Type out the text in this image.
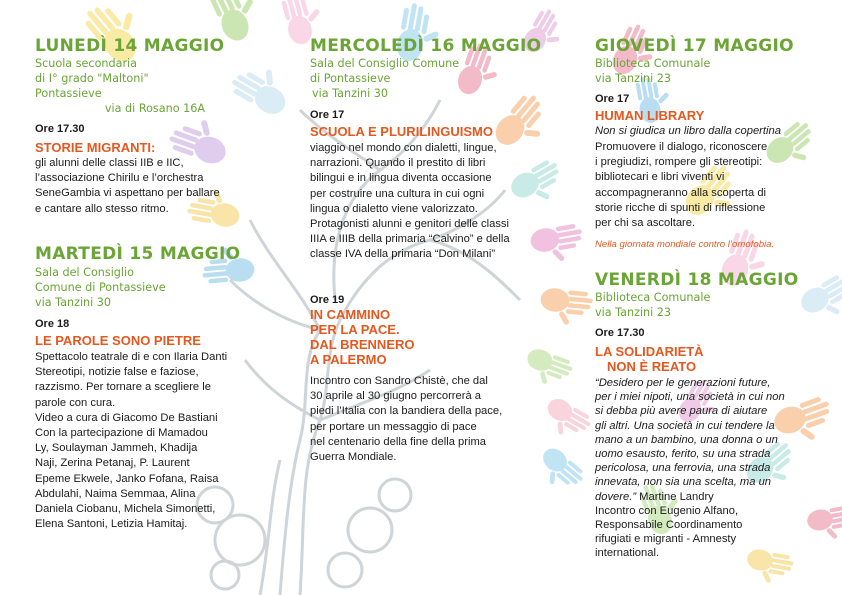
LUNEDÌ 14 MAGGIO
Scuola secondaria
di I° grado "Maltoni"
Pontassieve
via di Rosano 16A
Ore 17.30
STORIE MIGRANTI:
gli alunni delle classi IIB e IIC,
l’associazione Chirilu e l’orchestra
SeneGambia vi aspettano per ballare
e cantare allo stesso ritmo.
MARTEDÌ 15 MAGGIO
Sala del Consiglio
Comune di Pontassieve
via Tanzini 30
Ore 18
LE PAROLE SONO PIETRE
Spettacolo teatrale di e con Ilaria Danti
Stereotipi, notizie false e faziose,
razzismo. Per tornare a scegliere le
parole con cura.
Video a cura di Giacomo De Bastiani
Con la partecipazione di Mamadou
Ly, Soulayman Jammeh, Khadija
Naji, Zerina Petanaj, P. Laurent
Epeme Ekwele, Janko Fofana, Raisa
Abdulahi, Naima Semmaa, Alina
Daniela Ciobanu, Michela Simonetti,
Elena Santoni, Letizia Hamitaj.
MERCOLEDÌ 16 MAGGIO
Sala del Consiglio Comune
di Pontassieve
via Tanzini 30
Ore 17
SCUOLA E PLURILINGUISMO
viaggio nel mondo con dialetti, lingue,
narrazioni. Quando il prestito di libri
bilingui e in lingua diventa occasione
per costruire una cultura in cui ogni
lingua o dialetto viene valorizzato.
Protagonisti alunni e genitori delle classi
IIIA e IIIB della primaria “Calvino” e della
classe IVA della primaria “Don Milani”
Ore 19
IN CAMMINO
PER LA PACE.
DAL BRENNERO
A PALERMO
Incontro con Sandro Chistè, che dal
30 aprile al 30 giugno percorrerà a
piedi l’Italia con la bandiera della pace,
per portare un messaggio di pace
nel centenario della fine della prima
Guerra Mondiale.
GIOVEDÌ 17 MAGGIO
Biblioteca Comunale
via Tanzini 23
Ore 17
HUMAN LIBRARY
Non si giudica un libro dalla copertina
Promuovere il dialogo, riconoscere
i pregiudizi, rompere gli stereotipi:
bibliotecari e libri viventi vi
accompagneranno alla scoperta di
storie ricche di spunti di riflessione
per chi sa ascoltare.
Nella giornata mondiale contro l’omofobia.
VENERDÌ 18 MAGGIO
Biblioteca Comunale
via Tanzini 23
Ore 17.30
LA SOLIDARIETÀ
NON È REATO
“Desidero per le generazioni future,
per i miei nipoti, una società in cui non
si debba più avere paura di aiutare
gli altri. Una società in cui tendere la
mano a un bambino, una donna o un
uomo esausto, ferito, su una strada
pericolosa, una ferrovia, una strada
innevata, non sia una scelta, ma un
dovere.” Martine Landry
Incontro con Eugenio Alfano,
Responsabile Coordinamento
rifugiati e migranti - Amnesty
international.
